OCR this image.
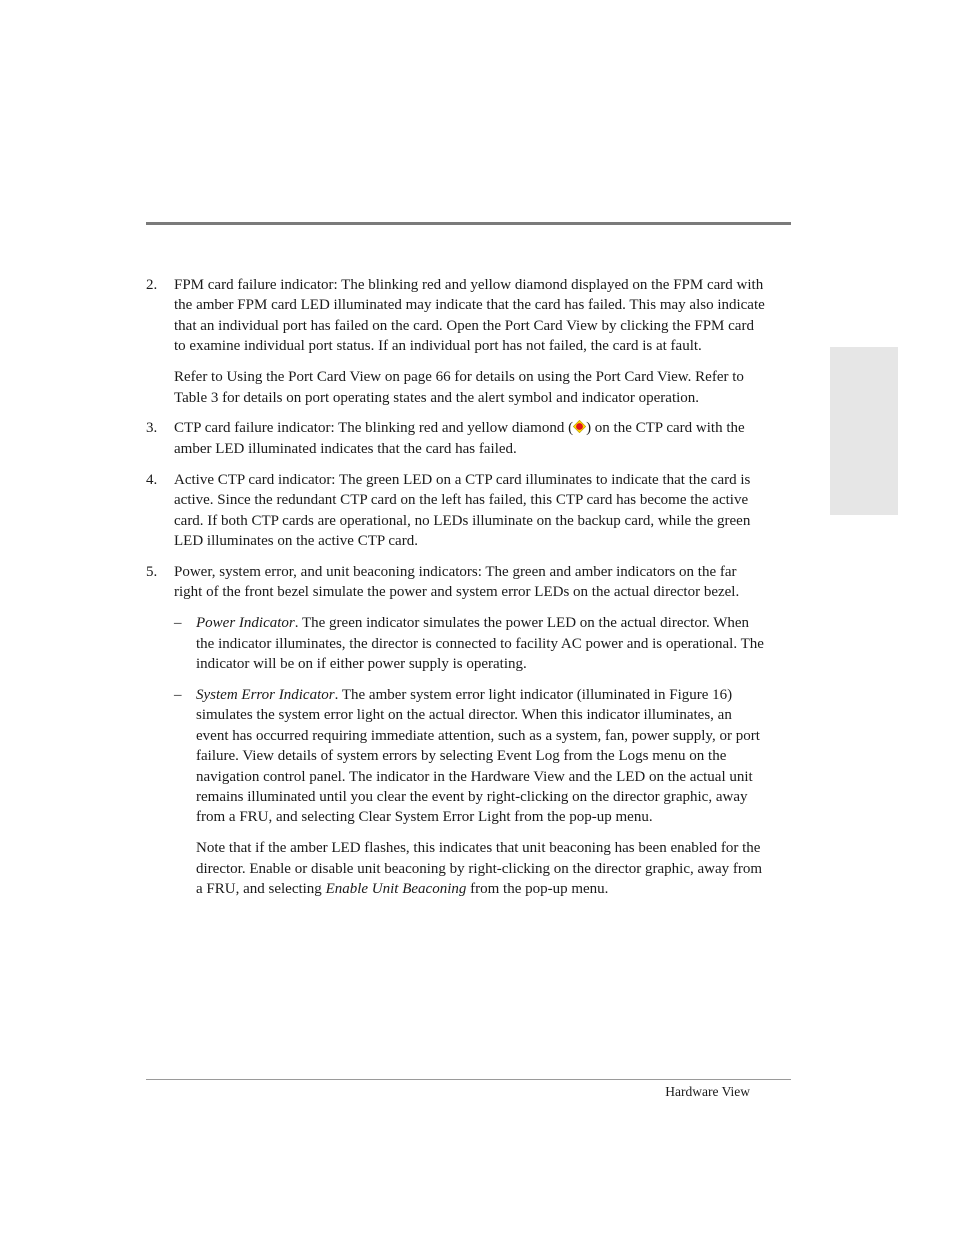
2. FPM card failure indicator: The blinking red and yellow diamond displayed on the FPM card with the amber FPM card LED illuminated may indicate that the card has failed. This may also indicate that an individual port has failed on the card. Open the Port Card View by clicking the FPM card to examine individual port status. If an individual port has not failed, the card is at fault.

Refer to Using the Port Card View on page 66 for details on using the Port Card View. Refer to Table 3 for details on port operating states and the alert symbol and indicator operation.

3. CTP card failure indicator: The blinking red and yellow diamond ( ) on the CTP card with the amber LED illuminated indicates that the card has failed.
4. Active CTP card indicator: The green LED on a CTP card illuminates to indicate that the card is active. Since the redundant CTP card on the left has failed, this CTP card has become the active card. If both CTP cards are operational, no LEDs illuminate on the backup card, while the green LED illuminates on the active CTP card.
5. Power, system error, and unit beaconing indicators: The green and amber indicators on the far right of the front bezel simulate the power and system error LEDs on the actual director bezel.
– Power Indicator. The green indicator simulates the power LED on the actual director. When the indicator illuminates, the director is connected to facility AC power and is operational. The indicator will be on if either power supply is operating.
– System Error Indicator. The amber system error light indicator (illuminated in Figure 16) simulates the system error light on the actual director. When this indicator illuminates, an event has occurred requiring immediate attention, such as a system, fan, power supply, or port failure. View details of system errors by selecting Event Log from the Logs menu on the navigation control panel. The indicator in the Hardware View and the LED on the actual unit remains illuminated until you clear the event by right-clicking on the director graphic, away from a FRU, and selecting Clear System Error Light from the pop-up menu.

Note that if the amber LED flashes, this indicates that unit beaconing has been enabled for the director. Enable or disable unit beaconing by right-clicking on the director graphic, away from a FRU, and selecting Enable Unit Beaconing from the pop-up menu.

Hardware View
